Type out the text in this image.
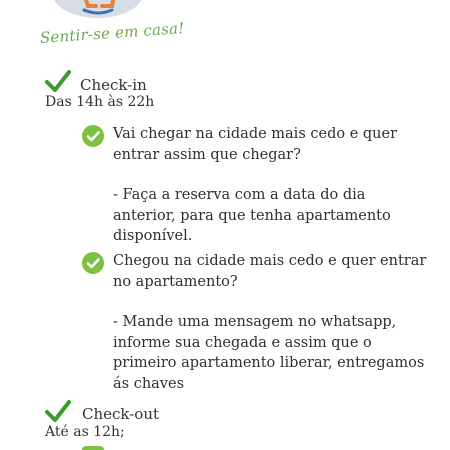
Sentir-se em casa!
Check-in
Das 14h às 22h
Vai chegar na cidade mais cedo e quer
entrar assim que chegar?
- Faça a reserva com a data do dia
anterior, para que tenha apartamento
disponível.
Chegou na cidade mais cedo e quer entrar
no apartamento?
- Mande uma mensagem no whatsapp,
informe sua chegada e assim que o
primeiro apartamento liberar, entregamos
ás chaves
Check-out
Até as 12h;
